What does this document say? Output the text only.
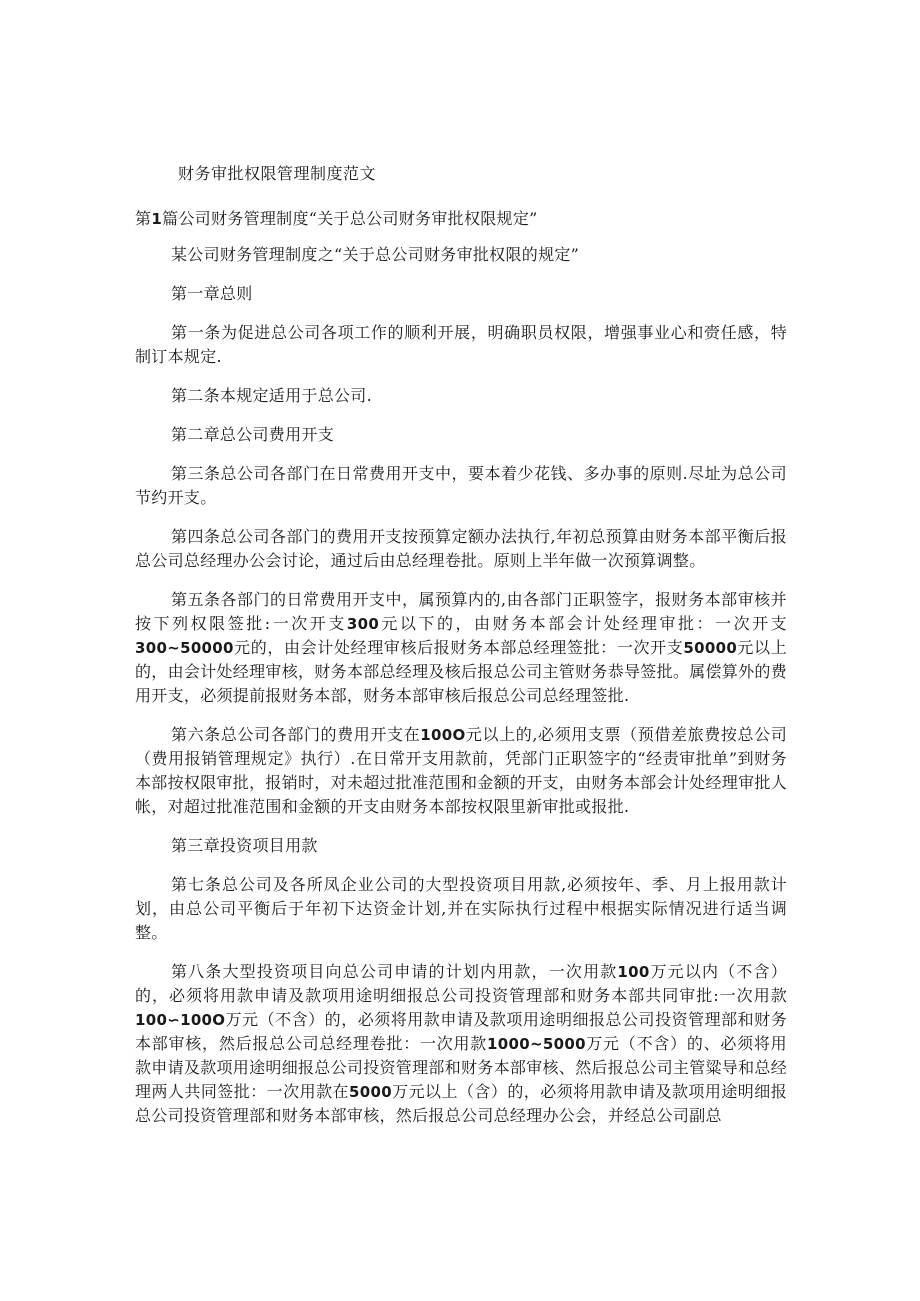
财务审批权限管理制度范文

第1篇公司财务管理制度“关于总公司财务审批权限规定”

某公司财务管理制度之“关于总公司财务审批权限的规定”

第一章总则

第一条为促进总公司各项工作的顺利开展，明确职员权限，增强事业心和赍任感，特制订本规定.

第二条本规定适用于总公司.

第二章总公司费用开支

第三条总公司各部门在日常费用开支中，要本着少花钱、多办事的原则.尽址为总公司节约开支。

第四条总公司各部门的费用开支按预算定额办法执行,年初总预算由财务本部平衡后报总公司总经理办公会讨论，通过后由总经理卷批。原则上半年做一次预算调整。

第五条各部门的日常费用开支中，属预算内的,由各部门正职签字，报财务本部审核并按下列权限签批:一次开支300元以下的，由财务本部会计处经理审批：一次开支300~50000元的，由会计处经理审核后报财务本部总经理签批：一次开支50000元以上的，由会计处经理审核，财务本部总经理及核后报总公司主管财务恭导签批。属偿算外的费用开支，必须提前报财务本部，财务本部审核后报总公司总经理签批.

第六条总公司各部门的费用开支在100O元以上的,必须用支票（预借差旅费按总公司（费用报销管理规定》执行）.在日常开支用款前，凭部门正职签字的“经责审批单”到财务本部按权限审批，报销时，对未超过批准范围和金额的开支，由财务本部会计处经理审批人帐，对超过批准范围和金额的开支由财务本部按权限里新审批或报批.

第三章投资项目用款

第七条总公司及各所凤企业公司的大型投资项目用款,必须按年、季、月上报用款计划，由总公司平衡后于年初下达资金计划,并在实际执行过程中根据实际情况进行适当调整。

第八条大型投资项目向总公司申请的计划内用款，一次用款100万元以内（不含）的，必须将用款申请及款项用途明细报总公司投资管理部和财务本部共同审批:一次用款100∽100O万元（不含）的，必须将用款申请及款项用途明细报总公司投资管理部和财务本部审核，然后报总公司总经理卷批：一次用款1000~5000万元（不含）的、必须将用款申请及款项用途明细报总公司投资管理部和财务本部审核、然后报总公司主管粱导和总经理两人共同签批：一次用款在5000万元以上（含）的，必须将用款申请及款项用途明细报总公司投资管理部和财务本部审核，然后报总公司总经理办公会，并经总公司副总
